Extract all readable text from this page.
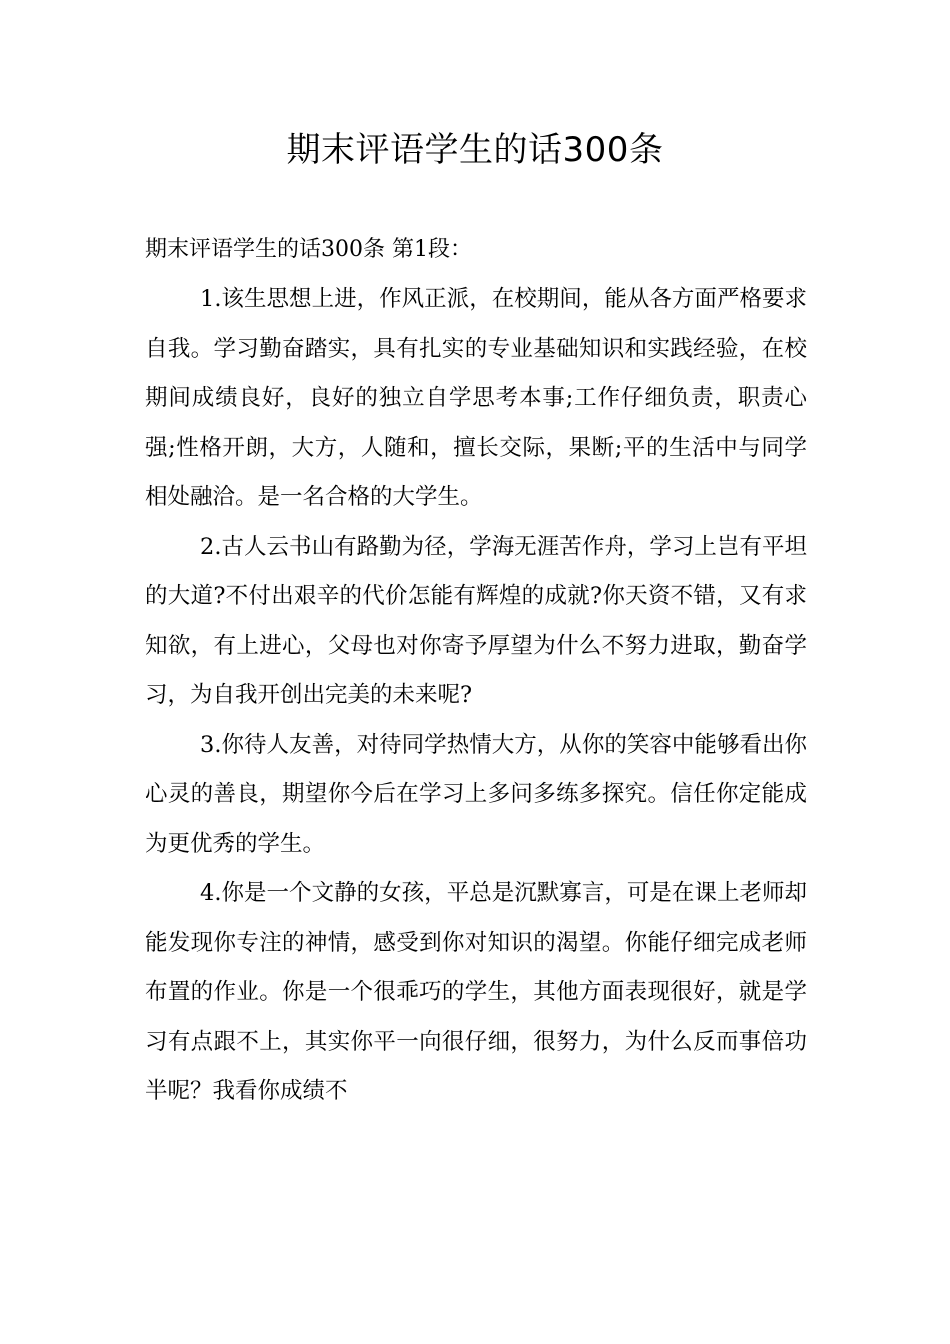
期末评语学生的话300条

期末评语学生的话300条 第1段：

1.该生思想上进，作风正派，在校期间，能从各方面严格要求自我。学习勤奋踏实，具有扎实的专业基础知识和实践经验，在校期间成绩良好，良好的独立自学思考本事;工作仔细负责，职责心强;性格开朗，大方，人随和，擅长交际，果断;平的生活中与同学相处融洽。是一名合格的大学生。

2.古人云书山有路勤为径，学海无涯苦作舟，学习上岂有平坦的大道?不付出艰辛的代价怎能有辉煌的成就?你天资不错，又有求知欲，有上进心，父母也对你寄予厚望为什么不努力进取，勤奋学习，为自我开创出完美的未来呢?

3.你待人友善，对待同学热情大方，从你的笑容中能够看出你心灵的善良，期望你今后在学习上多问多练多探究。信任你定能成为更优秀的学生。

4.你是一个文静的女孩，平总是沉默寡言，可是在课上老师却能发现你专注的神情，感受到你对知识的渴望。你能仔细完成老师布置的作业。你是一个很乖巧的学生，其他方面表现很好，就是学习有点跟不上，其实你平一向很仔细，很努力，为什么反而事倍功半呢？我看你成绩不
